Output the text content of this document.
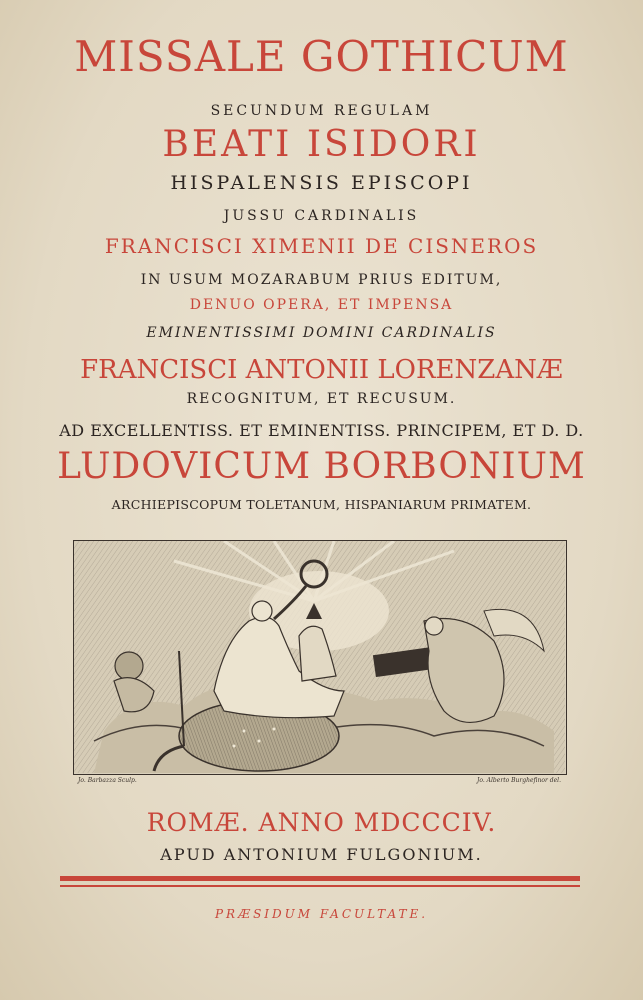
MISSALE GOTHICUM
SECUNDUM REGULAM
BEATI ISIDORI
HISPALENSIS EPISCOPI
JUSSU CARDINALIS
FRANCISCI XIMENII DE CISNEROS
IN USUM MOZARABUM PRIUS EDITUM,
DENUO OPERA, ET IMPENSA
EMINENTISSIMI DOMINI CARDINALIS
FRANCISCI ANTONII LORENZANÆ
RECOGNITUM, ET RECUSUM.
AD EXCELLENTISS. ET EMINENTISS. PRINCIPEM, ET D. D.
LUDOVICUM BORBONIUM
ARCHIEPISCOPUM TOLETANUM, HISPANIARUM PRIMATEM.
Jo. Barbazza Sculp.	Jo. Alberto Burghefinor del.
ROMÆ. ANNO MDCCCIV.
APUD ANTONIUM FULGONIUM.
PRÆSIDUM FACULTATE.
